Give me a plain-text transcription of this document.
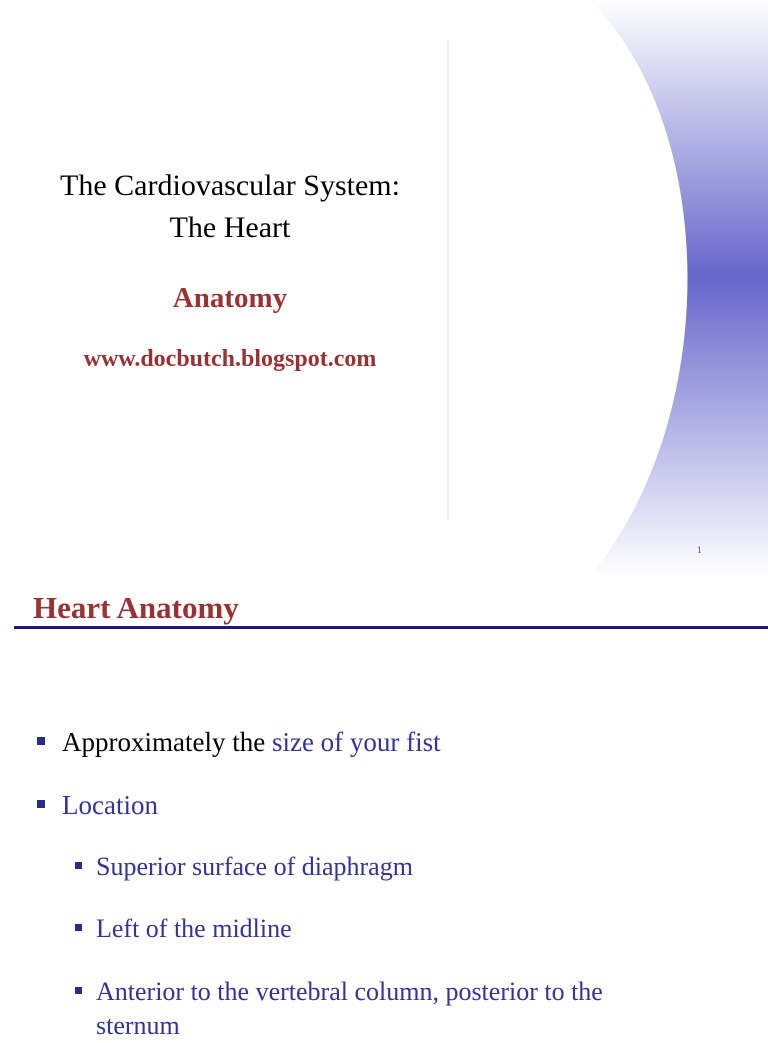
The Cardiovascular System:
The Heart
Anatomy
www.docbutch.blogspot.com
1
Heart Anatomy
Approximately the size of your fist
Location
Superior surface of diaphragm
Left of the midline
Anterior to the vertebral column, posterior to the
sternum
